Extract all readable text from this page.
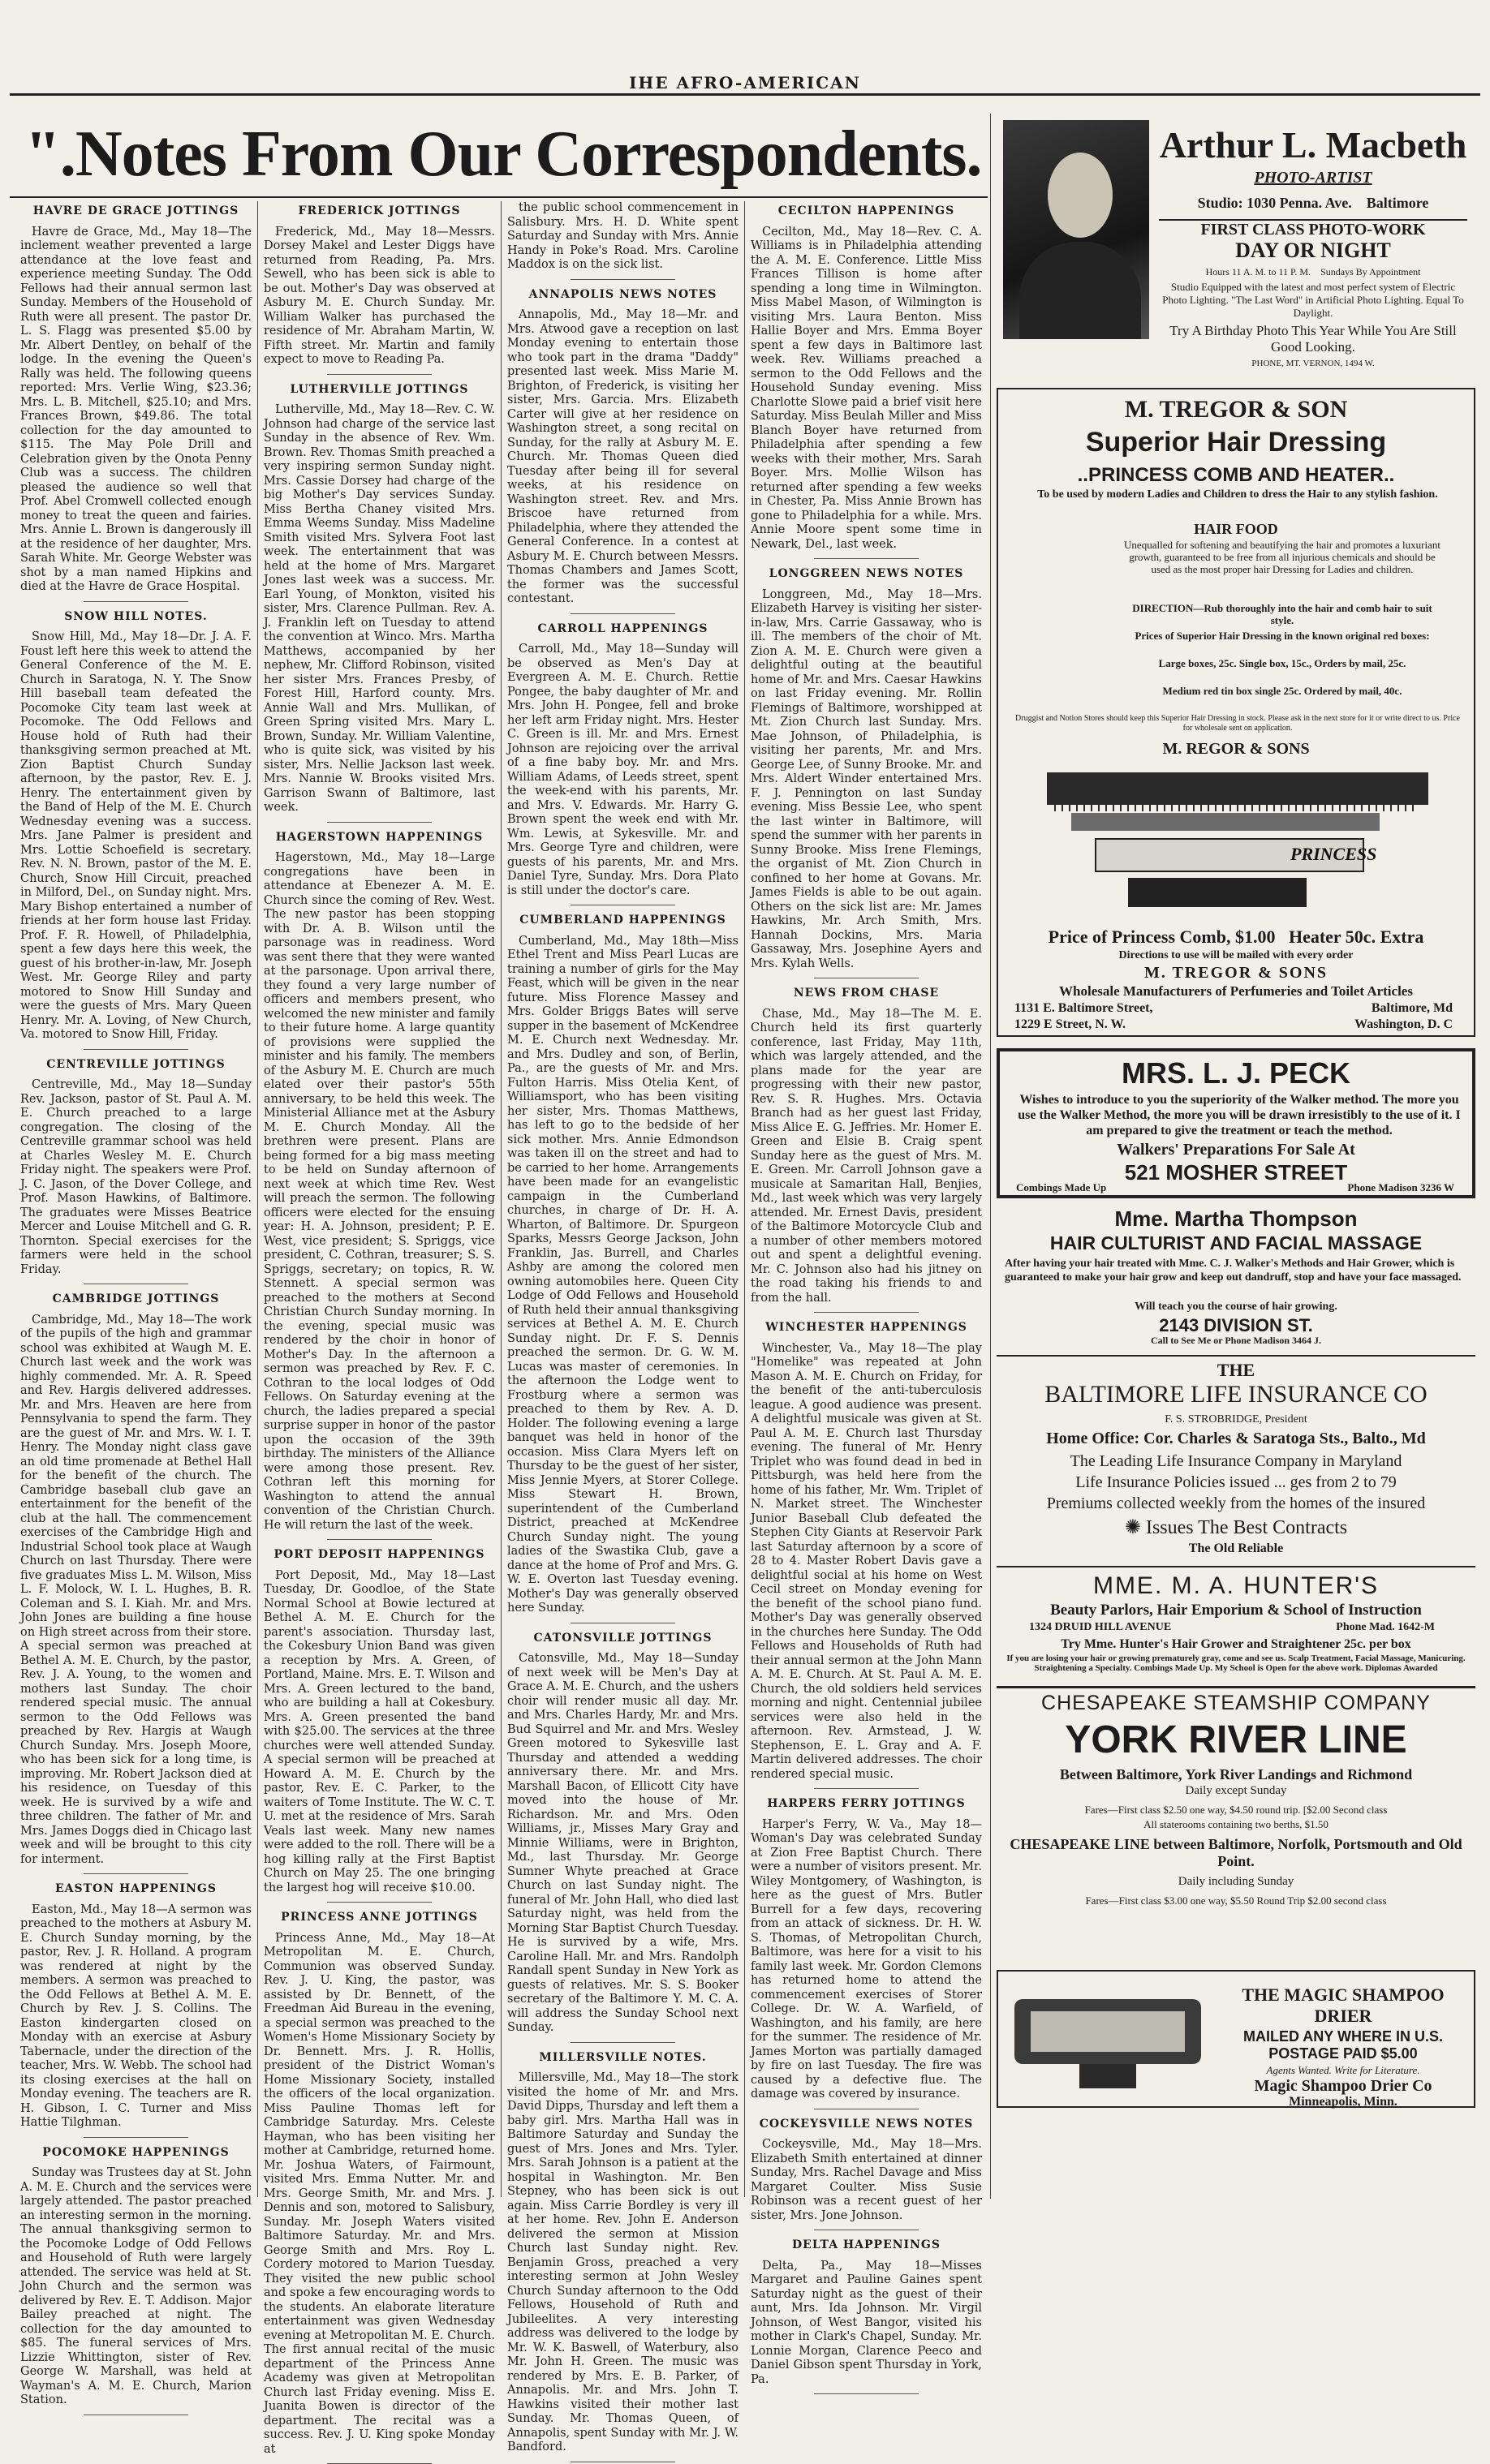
IHE AFRO-AMERICAN
".Notes From Our Correspondents.
HAVRE DE GRACE JOTTINGS

Havre de Grace, Md., May 18—The inclement weather prevented a large attendance at the love feast and experience meeting Sunday. The Odd Fellows had their annual sermon last Sunday. Members of the Household of Ruth were all present. The pastor Dr. L. S. Flagg was presented $5.00 by Mr. Albert Dentley, on behalf of the lodge. In the evening the Queen's Rally was held. The following queens reported: Mrs. Verlie Wing, $23.36; Mrs. L. B. Mitchell, $25.10; and Mrs. Frances Brown, $49.86. The total collection for the day amounted to $115. The May Pole Drill and Celebration given by the Onota Penny Club was a success. The children pleased the audience so well that Prof. Abel Cromwell collected enough money to treat the queen and fairies. Mrs. Annie L. Brown is dangerously ill at the residence of her daughter, Mrs. Sarah White. Mr. George Webster was shot by a man named Hipkins and died at the Havre de Grace Hospital.

SNOW HILL NOTES.

Snow Hill, Md., May 18—Dr. J. A. F. Foust left here this week to attend the General Conference of the M. E. Church in Saratoga, N. Y. The Snow Hill baseball team defeated the Pocomoke City team last week at Pocomoke. The Odd Fellows and House hold of Ruth had their thanksgiving sermon preached at Mt. Zion Baptist Church Sunday afternoon, by the pastor, Rev. E. J. Henry. The entertainment given by the Band of Help of the M. E. Church Wednesday evening was a success. Mrs. Jane Palmer is president and Mrs. Lottie Schoefield is secretary. Rev. N. N. Brown, pastor of the M. E. Church, Snow Hill Circuit, preached in Milford, Del., on Sunday night. Mrs. Mary Bishop entertained a number of friends at her form house last Friday. Prof. F. R. Howell, of Philadelphia, spent a few days here this week, the guest of his brother-in-law, Mr. Joseph West. Mr. George Riley and party motored to Snow Hill Sunday and were the guests of Mrs. Mary Queen Henry. Mr. A. Loving, of New Church, Va. motored to Snow Hill, Friday.

CENTREVILLE JOTTINGS

Centreville, Md., May 18—Sunday Rev. Jackson, pastor of St. Paul A. M. E. Church preached to a large congregation. The closing of the Centreville grammar school was held at Charles Wesley M. E. Church Friday night. The speakers were Prof. J. C. Jason, of the Dover College, and Prof. Mason Hawkins, of Baltimore. The graduates were Misses Beatrice Mercer and Louise Mitchell and G. R. Thornton. Special exercises for the farmers were held in the school Friday.

CAMBRIDGE JOTTINGS

Cambridge, Md., May 18—The work of the pupils of the high and grammar school was exhibited at Waugh M. E. Church last week and the work was highly commended. Mr. A. R. Speed and Rev. Hargis delivered addresses. Mr. and Mrs. Heaven are here from Pennsylvania to spend the farm. They are the guest of Mr. and Mrs. W. I. T. Henry. The Monday night class gave an old time promenade at Bethel Hall for the benefit of the church. The Cambridge baseball club gave an entertainment for the benefit of the club at the hall. The commencement exercises of the Cambridge High and Industrial School took place at Waugh Church on last Thursday. There were five graduates Miss L. M. Wilson, Miss L. F. Molock, W. I. L. Hughes, B. R. Coleman and S. I. Kiah. Mr. and Mrs. John Jones are building a fine house on High street across from their store. A special sermon was preached at Bethel A. M. E. Church, by the pastor, Rev. J. A. Young, to the women and mothers last Sunday. The choir rendered special music. The annual sermon to the Odd Fellows was preached by Rev. Hargis at Waugh Church Sunday. Mrs. Joseph Moore, who has been sick for a long time, is improving. Mr. Robert Jackson died at his residence, on Tuesday of this week. He is survived by a wife and three children. The father of Mr. and Mrs. James Doggs died in Chicago last week and will be brought to this city for interment.

EASTON HAPPENINGS

Easton, Md., May 18—A sermon was preached to the mothers at Asbury M. E. Church Sunday morning, by the pastor, Rev. J. R. Holland. A program was rendered at night by the members. A sermon was preached to the Odd Fellows at Bethel A. M. E. Church by Rev. J. S. Collins. The Easton kindergarten closed on Monday with an exercise at Asbury Tabernacle, under the direction of the teacher, Mrs. W. Webb. The school had its closing exercises at the hall on Monday evening. The teachers are R. H. Gibson, I. C. Turner and Miss Hattie Tilghman.

POCOMOKE HAPPENINGS

Sunday was Trustees day at St. John A. M. E. Church and the services were largely attended. The pastor preached an interesting sermon in the morning. The annual thanksgiving sermon to the Pocomoke Lodge of Odd Fellows and Household of Ruth were largely attended. The service was held at St. John Church and the sermon was delivered by Rev. E. T. Addison. Major Bailey preached at night. The collection for the day amounted to $85. The funeral services of Mrs. Lizzie Whittington, sister of Rev. George W. Marshall, was held at Wayman's A. M. E. Church, Marion Station.

FREDERICK JOTTINGS

Frederick, Md., May 18—Messrs. Dorsey Makel and Lester Diggs have returned from Reading, Pa. Mrs. Sewell, who has been sick is able to be out. Mother's Day was observed at Asbury M. E. Church Sunday. Mr. William Walker has purchased the residence of Mr. Abraham Martin, W. Fifth street. Mr. Martin and family expect to move to Reading Pa.

LUTHERVILLE JOTTINGS

Lutherville, Md., May 18—Rev. C. W. Johnson had charge of the service last Sunday in the absence of Rev. Wm. Brown. Rev. Thomas Smith preached a very inspiring sermon Sunday night. Mrs. Cassie Dorsey had charge of the big Mother's Day services Sunday. Miss Bertha Chaney visited Mrs. Emma Weems Sunday. Miss Madeline Smith visited Mrs. Sylvera Foot last week. The entertainment that was held at the home of Mrs. Margaret Jones last week was a success. Mr. Earl Young, of Monkton, visited his sister, Mrs. Clarence Pullman. Rev. A. J. Franklin left on Tuesday to attend the convention at Winco. Mrs. Martha Matthews, accompanied by her nephew, Mr. Clifford Robinson, visited her sister Mrs. Frances Presby, of Forest Hill, Harford county. Mrs. Annie Wall and Mrs. Mullikan, of Green Spring visited Mrs. Mary L. Brown, Sunday. Mr. William Valentine, who is quite sick, was visited by his sister, Mrs. Nellie Jackson last week. Mrs. Nannie W. Brooks visited Mrs. Garrison Swann of Baltimore, last week.

HAGERSTOWN HAPPENINGS

Hagerstown, Md., May 18—Large congregations have been in attendance at Ebenezer A. M. E. Church since the coming of Rev. West. The new pastor has been stopping with Dr. A. B. Wilson until the parsonage was in readiness. Word was sent there that they were wanted at the parsonage. Upon arrival there, they found a very large number of officers and members present, who welcomed the new minister and family to their future home. A large quantity of provisions were supplied the minister and his family. The members of the Asbury M. E. Church are much elated over their pastor's 55th anniversary, to be held this week. The Ministerial Alliance met at the Asbury M. E. Church Monday. All the brethren were present. Plans are being formed for a big mass meeting to be held on Sunday afternoon of next week at which time Rev. West will preach the sermon. The following officers were elected for the ensuing year: H. A. Johnson, president; P. E. West, vice president; S. Spriggs, vice president, C. Cothran, treasurer; S. S. Spriggs, secretary; on topics, R. W. Stennett. A special sermon was preached to the mothers at Second Christian Church Sunday morning. In the evening, special music was rendered by the choir in honor of Mother's Day. In the afternoon a sermon was preached by Rev. F. C. Cothran to the local lodges of Odd Fellows. On Saturday evening at the church, the ladies prepared a special surprise supper in honor of the pastor upon the occasion of the 39th birthday. The ministers of the Alliance were among those present. Rev. Cothran left this morning for Washington to attend the annual convention of the Christian Church. He will return the last of the week.

PORT DEPOSIT HAPPENINGS

Port Deposit, Md., May 18—Last Tuesday, Dr. Goodloe, of the State Normal School at Bowie lectured at Bethel A. M. E. Church for the parent's association. Thursday last, the Cokesbury Union Band was given a reception by Mrs. A. Green, of Portland, Maine. Mrs. E. T. Wilson and Mrs. A. Green lectured to the band, who are building a hall at Cokesbury. Mrs. A. Green presented the band with $25.00. The services at the three churches were well attended Sunday. A special sermon will be preached at Howard A. M. E. Church by the pastor, Rev. E. C. Parker, to the waiters of Tome Institute. The W. C. T. U. met at the residence of Mrs. Sarah Veals last week. Many new names were added to the roll. There will be a hog killing rally at the First Baptist Church on May 25. The one bringing the largest hog will receive $10.00.

PRINCESS ANNE JOTTINGS

Princess Anne, Md., May 18—At Metropolitan M. E. Church, Communion was observed Sunday. Rev. J. U. King, the pastor, was assisted by Dr. Bennett, of the Freedman Aid Bureau in the evening, a special sermon was preached to the Women's Home Missionary Society by Dr. Bennett. Mrs. J. R. Hollis, president of the District Woman's Home Missionary Society, installed the officers of the local organization. Miss Pauline Thomas left for Cambridge Saturday. Mrs. Celeste Hayman, who has been visiting her mother at Cambridge, returned home. Mr. Joshua Waters, of Fairmount, visited Mrs. Emma Nutter. Mr. and Mrs. George Smith, Mr. and Mrs. J. Dennis and son, motored to Salisbury, Sunday. Mr. Joseph Waters visited Baltimore Saturday. Mr. and Mrs. George Smith and Mrs. Roy L. Cordery motored to Marion Tuesday. They visited the new public school and spoke a few encouraging words to the students. An elaborate literature entertainment was given Wednesday evening at Metropolitan M. E. Church. The first annual recital of the music department of the Princess Anne Academy was given at Metropolitan Church last Friday evening. Miss E. Juanita Bowen is director of the department. The recital was a success. Rev. J. U. King spoke Monday at

the public school commencement in Salisbury. Mrs. H. D. White spent Saturday and Sunday with Mrs. Annie Handy in Poke's Road. Mrs. Caroline Maddox is on the sick list.

ANNAPOLIS NEWS NOTES

Annapolis, Md., May 18—Mr. and Mrs. Atwood gave a reception on last Monday evening to entertain those who took part in the drama "Daddy" presented last week. Miss Marie M. Brighton, of Frederick, is visiting her sister, Mrs. Garcia. Mrs. Elizabeth Carter will give at her residence on Washington street, a song recital on Sunday, for the rally at Asbury M. E. Church. Mr. Thomas Queen died Tuesday after being ill for several weeks, at his residence on Washington street. Rev. and Mrs. Briscoe have returned from Philadelphia, where they attended the General Conference. In a contest at Asbury M. E. Church between Messrs. Thomas Chambers and James Scott, the former was the successful contestant.

CARROLL HAPPENINGS

Carroll, Md., May 18—Sunday will be observed as Men's Day at Evergreen A. M. E. Church. Rettie Pongee, the baby daughter of Mr. and Mrs. John H. Pongee, fell and broke her left arm Friday night. Mrs. Hester C. Green is ill. Mr. and Mrs. Ernest Johnson are rejoicing over the arrival of a fine baby boy. Mr. and Mrs. William Adams, of Leeds street, spent the week-end with his parents, Mr. and Mrs. V. Edwards. Mr. Harry G. Brown spent the week end with Mr. Wm. Lewis, at Sykesville. Mr. and Mrs. George Tyre and children, were guests of his parents, Mr. and Mrs. Daniel Tyre, Sunday. Mrs. Dora Plato is still under the doctor's care.

CUMBERLAND HAPPENINGS

Cumberland, Md., May 18th—Miss Ethel Trent and Miss Pearl Lucas are training a number of girls for the May Feast, which will be given in the near future. Miss Florence Massey and Mrs. Golder Briggs Bates will serve supper in the basement of McKendree M. E. Church next Wednesday. Mr. and Mrs. Dudley and son, of Berlin, Pa., are the guests of Mr. and Mrs. Fulton Harris. Miss Otelia Kent, of Williamsport, who has been visiting her sister, Mrs. Thomas Matthews, has left to go to the bedside of her sick mother. Mrs. Annie Edmondson was taken ill on the street and had to be carried to her home. Arrangements have been made for an evangelistic campaign in the Cumberland churches, in charge of Dr. H. A. Wharton, of Baltimore. Dr. Spurgeon Sparks, Messrs George Jackson, John Franklin, Jas. Burrell, and Charles Ashby are among the colored men owning automobiles here. Queen City Lodge of Odd Fellows and Household of Ruth held their annual thanksgiving services at Bethel A. M. E. Church Sunday night. Dr. F. S. Dennis preached the sermon. Dr. G. W. M. Lucas was master of ceremonies. In the afternoon the Lodge went to Frostburg where a sermon was preached to them by Rev. A. D. Holder. The following evening a large banquet was held in honor of the occasion. Miss Clara Myers left on Thursday to be the guest of her sister, Miss Jennie Myers, at Storer College. Miss Stewart H. Brown, superintendent of the Cumberland District, preached at McKendree Church Sunday night. The young ladies of the Swastika Club, gave a dance at the home of Prof and Mrs. G. W. E. Overton last Tuesday evening. Mother's Day was generally observed here Sunday.

CATONSVILLE JOTTINGS

Catonsville, Md., May 18—Sunday of next week will be Men's Day at Grace A. M. E. Church, and the ushers choir will render music all day. Mr. and Mrs. Charles Hardy, Mr. and Mrs. Bud Squirrel and Mr. and Mrs. Wesley Green motored to Sykesville last Thursday and attended a wedding anniversary there. Mr. and Mrs. Marshall Bacon, of Ellicott City have moved into the house of Mr. Richardson. Mr. and Mrs. Oden Williams, jr., Misses Mary Gray and Minnie Williams, were in Brighton, Md., last Thursday. Mr. George Sumner Whyte preached at Grace Church on last Sunday night. The funeral of Mr. John Hall, who died last Saturday night, was held from the Morning Star Baptist Church Tuesday. He is survived by a wife, Mrs. Caroline Hall. Mr. and Mrs. Randolph Randall spent Sunday in New York as guests of relatives. Mr. S. S. Booker secretary of the Baltimore Y. M. C. A. will address the Sunday School next Sunday.

MILLERSVILLE NOTES.

Millersville, Md., May 18—The stork visited the home of Mr. and Mrs. David Dipps, Thursday and left them a baby girl. Mrs. Martha Hall was in Baltimore Saturday and Sunday the guest of Mrs. Jones and Mrs. Tyler. Mrs. Sarah Johnson is a patient at the hospital in Washington. Mr. Ben Stepney, who has been sick is out again. Miss Carrie Bordley is very ill at her home. Rev. John E. Anderson delivered the sermon at Mission Church last Sunday night. Rev. Benjamin Gross, preached a very interesting sermon at John Wesley Church Sunday afternoon to the Odd Fellows, Household of Ruth and Jubileelites. A very interesting address was delivered to the lodge by Mr. W. K. Baswell, of Waterbury, also Mr. John H. Green. The music was rendered by Mrs. E. B. Parker, of Annapolis. Mr. and Mrs. John T. Hawkins visited their mother last Sunday. Mr. Thomas Queen, of Annapolis, spent Sunday with Mr. J. W. Bandford.

CECILTON HAPPENINGS

Cecilton, Md., May 18—Rev. C. A. Williams is in Philadelphia attending the A. M. E. Conference. Little Miss Frances Tillison is home after spending a long time in Wilmington. Miss Mabel Mason, of Wilmington is visiting Mrs. Laura Benton. Miss Hallie Boyer and Mrs. Emma Boyer spent a few days in Baltimore last week. Rev. Williams preached a sermon to the Odd Fellows and the Household Sunday evening. Miss Charlotte Slowe paid a brief visit here Saturday. Miss Beulah Miller and Miss Blanch Boyer have returned from Philadelphia after spending a few weeks with their mother, Mrs. Sarah Boyer. Mrs. Mollie Wilson has returned after spending a few weeks in Chester, Pa. Miss Annie Brown has gone to Philadelphia for a while. Mrs. Annie Moore spent some time in Newark, Del., last week.

LONGGREEN NEWS NOTES

Longgreen, Md., May 18—Mrs. Elizabeth Harvey is visiting her sister-in-law, Mrs. Carrie Gassaway, who is ill. The members of the choir of Mt. Zion A. M. E. Church were given a delightful outing at the beautiful home of Mr. and Mrs. Caesar Hawkins on last Friday evening. Mr. Rollin Flemings of Baltimore, worshipped at Mt. Zion Church last Sunday. Mrs. Mae Johnson, of Philadelphia, is visiting her parents, Mr. and Mrs. George Lee, of Sunny Brooke. Mr. and Mrs. Aldert Winder entertained Mrs. F. J. Pennington on last Sunday evening. Miss Bessie Lee, who spent the last winter in Baltimore, will spend the summer with her parents in Sunny Brooke. Miss Irene Flemings, the organist of Mt. Zion Church in confined to her home at Govans. Mr. James Fields is able to be out again. Others on the sick list are: Mr. James Hawkins, Mr. Arch Smith, Mrs. Hannah Dockins, Mrs. Maria Gassaway, Mrs. Josephine Ayers and Mrs. Kylah Wells.

NEWS FROM CHASE

Chase, Md., May 18—The M. E. Church held its first quarterly conference, last Friday, May 11th, which was largely attended, and the plans made for the year are progressing with their new pastor, Rev. S. R. Hughes. Mrs. Octavia Branch had as her guest last Friday, Miss Alice E. G. Jeffries. Mr. Homer E. Green and Elsie B. Craig spent Sunday here as the guest of Mrs. M. E. Green. Mr. Carroll Johnson gave a musicale at Samaritan Hall, Benjies, Md., last week which was very largely attended. Mr. Ernest Davis, president of the Baltimore Motorcycle Club and a number of other members motored out and spent a delightful evening. Mr. C. Johnson also had his jitney on the road taking his friends to and from the hall.

WINCHESTER HAPPENINGS

Winchester, Va., May 18—The play "Homelike" was repeated at John Mason A. M. E. Church on Friday, for the benefit of the anti-tuberculosis league. A good audience was present. A delightful musicale was given at St. Paul A. M. E. Church last Thursday evening. The funeral of Mr. Henry Triplet who was found dead in bed in Pittsburgh, was held here from the home of his father, Mr. Wm. Triplet of N. Market street. The Winchester Junior Baseball Club defeated the Stephen City Giants at Reservoir Park last Saturday afternoon by a score of 28 to 4. Master Robert Davis gave a delightful social at his home on West Cecil street on Monday evening for the benefit of the school piano fund. Mother's Day was generally observed in the churches here Sunday. The Odd Fellows and Households of Ruth had their annual sermon at the John Mann A. M. E. Church. At St. Paul A. M. E. Church, the old soldiers held services morning and night. Centennial jubilee services were also held in the afternoon. Rev. Armstead, J. W. Stephenson, E. L. Gray and A. F. Martin delivered addresses. The choir rendered special music.

HARPERS FERRY JOTTINGS

Harper's Ferry, W. Va., May 18—Woman's Day was celebrated Sunday at Zion Free Baptist Church. There were a number of visitors present. Mr. Wiley Montgomery, of Washington, is here as the guest of Mrs. Butler Burrell for a few days, recovering from an attack of sickness. Dr. H. W. S. Thomas, of Metropolitan Church, Baltimore, was here for a visit to his family last week. Mr. Gordon Clemons has returned home to attend the commencement exercises of Storer College. Dr. W. A. Warfield, of Washington, and his family, are here for the summer. The residence of Mr. James Morton was partially damaged by fire on last Tuesday. The fire was caused by a defective flue. The damage was covered by insurance.

COCKEYSVILLE NEWS NOTES

Cockeysville, Md., May 18—Mrs. Elizabeth Smith entertained at dinner Sunday, Mrs. Rachel Davage and Miss Margaret Coulter. Miss Susie Robinson was a recent guest of her sister, Mrs. Jone Johnson.

DELTA HAPPENINGS

Delta, Pa., May 18—Misses Margaret and Pauline Gaines spent Saturday night as the guest of their aunt, Mrs. Ida Johnson. Mr. Virgil Johnson, of West Bangor, visited his mother in Clark's Chapel, Sunday. Mr. Lonnie Morgan, Clarence Peeco and Daniel Gibson spent Thursday in York, Pa.

Arthur L. Macbeth
PHOTO-ARTIST
Studio: 1030 Penna. Ave. Baltimore
FIRST CLASS PHOTO-WORK
DAY OR NIGHT
Hours 11 A. M. to 11 P. M. Sundays By Appointment
Studio Equipped with the latest and most perfect system of Electric Photo Lighting. "The Last Word" in Artificial Photo Lighting. Equal To Daylight.
Try A Birthday Photo This Year While You Are Still Good Looking.
PHONE, MT. VERNON, 1494 W.
M. TREGOR & SON
Superior Hair Dressing
..PRINCESS COMB AND HEATER..
To be used by modern Ladies and Children to dress the Hair to any stylish fashion.
HAIR FOOD
Unequalled for softening and beautifying the hair and promotes a luxuriant growth, guaranteed to be free from all injurious chemicals and should be used as the most proper hair Dressing for Ladies and children.
DIRECTION—Rub thoroughly into the hair and comb hair to suit style.
Prices of Superior Hair Dressing in the known original red boxes:
Large boxes, 25c. Single box, 15c., Orders by mail, 25c.
Medium red tin box single 25c. Ordered by mail, 40c.
Druggist and Notion Stores should keep this Superior Hair Dressing in stock. Please ask in the next store for it or write direct to us. Price for wholesale sent on application.
M. REGOR & SONS
PRINCESS
Price of Princess Comb, $1.00 Heater 50c. Extra
Directions to use will be mailed with every order
M. TREGOR & SONS
Wholesale Manufacturers of Perfumeries and Toilet Articles
1131 E. Baltimore Street,	Baltimore, Md
1229 E Street, N. W.	Washington, D. C
MRS. L. J. PECK
Wishes to introduce to you the superiority of the Walker method. The more you use the Walker Method, the more you will be drawn irresistibly to the use of it. I am prepared to give the treatment or teach the method.
Walkers' Preparations For Sale At
521 MOSHER STREET
Combings Made Up	Phone Madison 3236 W
Mme. Martha Thompson
HAIR CULTURIST AND FACIAL MASSAGE
After having your hair treated with Mme. C. J. Walker's Methods and Hair Grower, which is guaranteed to make your hair grow and keep out dandruff, stop and have your face massaged.
Will teach you the course of hair growing.
2143 DIVISION ST.
Call to See Me or Phone Madison 3464 J.
THE
BALTIMORE LIFE INSURANCE CO
F. S. STROBRIDGE, President
Home Office: Cor. Charles & Saratoga Sts., Balto., Md
The Leading Life Insurance Company in Maryland
Life Insurance Policies issued ... ges from 2 to 79
Premiums collected weekly from the homes of the insured
✺ Issues The Best Contracts
The Old Reliable
MME. M. A. HUNTER'S
Beauty Parlors, Hair Emporium & School of Instruction
1324 DRUID HILL AVENUE	Phone Mad. 1642-M
Try Mme. Hunter's Hair Grower and Straightener 25c. per box
If you are losing your hair or growing prematurely gray, come and see us. Scalp Treatment, Facial Massage, Manicuring. Straightening a Specialty. Combings Made Up. My School is Open for the above work. Diplomas Awarded
CHESAPEAKE STEAMSHIP COMPANY
YORK RIVER LINE
Between Baltimore, York River Landings and Richmond
Daily except Sunday
Fares—First class $2.50 one way, $4.50 round trip. [$2.00 Second class
All staterooms containing two berths, $1.50
CHESAPEAKE LINE between Baltimore, Norfolk, Portsmouth and Old Point.
Daily including Sunday
Fares—First class $3.00 one way, $5.50 Round Trip $2.00 second class
THE MAGIC SHAMPOO DRIER
MAILED ANY WHERE IN U.S. POSTAGE PAID $5.00
Agents Wanted. Write for Literature.
Magic Shampoo Drier Co
Minneapolis, Minn.
